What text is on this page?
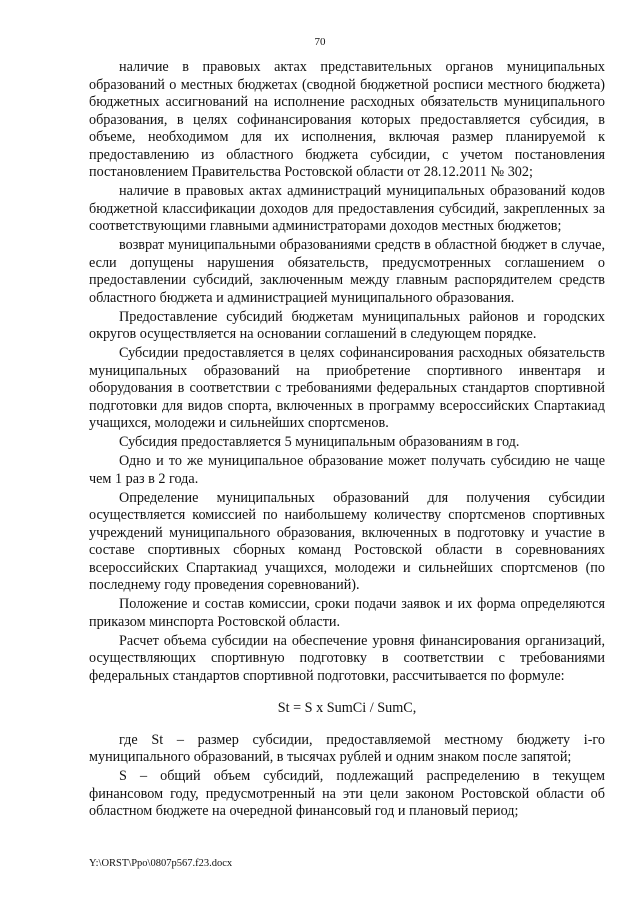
70

наличие в правовых актах представительных органов муниципальных образований о местных бюджетах (сводной бюджетной росписи местного бюджета) бюджетных ассигнований на исполнение расходных обязательств муниципального образования, в целях софинансирования которых предоставляется субсидия, в объеме, необходимом для их исполнения, включая размер планируемой к предоставлению из областного бюджета субсидии, с учетом постановления постановлением Правительства Ростовской области от 28.12.2011 № 302;

наличие в правовых актах администраций муниципальных образований кодов бюджетной классификации доходов для предоставления субсидий, закрепленных за соответствующими главными администраторами доходов местных бюджетов;

возврат муниципальными образованиями средств в областной бюджет в случае, если допущены нарушения обязательств, предусмотренных соглашением о предоставлении субсидий, заключенным между главным распорядителем средств областного бюджета и администрацией муниципального образования.

Предоставление субсидий бюджетам муниципальных районов и городских округов осуществляется на основании соглашений в следующем порядке.

Субсидии предоставляется в целях софинансирования расходных обязательств муниципальных образований на приобретение спортивного инвентаря и оборудования в соответствии с требованиями федеральных стандартов спортивной подготовки для видов спорта, включенных в программу всероссийских Спартакиад учащихся, молодежи и сильнейших спортсменов.

Субсидия предоставляется 5 муниципальным образованиям в год.

Одно и то же муниципальное образование может получать субсидию не чаще чем 1 раз в 2 года.

Определение муниципальных образований для получения субсидии осуществляется комиссией по наибольшему количеству спортсменов спортивных учреждений муниципального образования, включенных в подготовку и участие в составе спортивных сборных команд Ростовской области в соревнованиях всероссийских Спартакиад учащихся, молодежи и сильнейших спортсменов (по последнему году проведения соревнований).

Положение и состав комиссии, сроки подачи заявок и их форма определяются приказом минспорта Ростовской области.

Расчет объема субсидии на обеспечение уровня финансирования организаций, осуществляющих спортивную подготовку в соответствии с требованиями федеральных стандартов спортивной подготовки, рассчитывается по формуле:

St = S x SumCi / SumC,

где St – размер субсидии, предоставляемой местному бюджету i-го муниципального образований, в тысячах рублей и одним знаком после запятой;

S – общий объем субсидий, подлежащий распределению в текущем финансовом году, предусмотренный на эти цели законом Ростовской области об областном бюджете на очередной финансовый год и плановый период;

Y:\ORST\Ppo\0807p567.f23.docx
